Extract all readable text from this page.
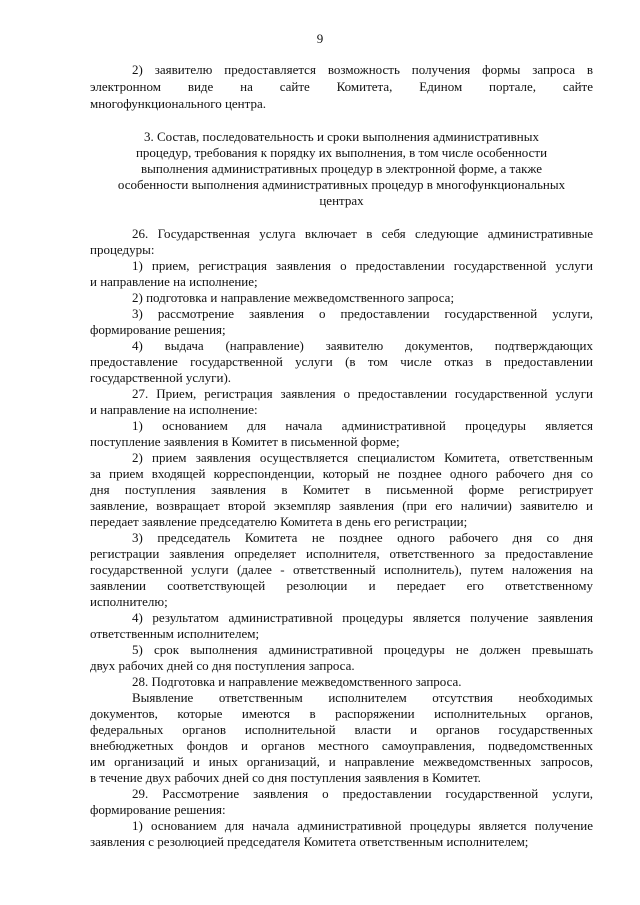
9
2) заявителю предоставляется возможность получения формы запроса в
электронном виде на сайте Комитета, Едином портале, сайте
многофункционального центра.
3. Состав, последовательность и сроки выполнения административных
процедур, требования к порядку их выполнения, в том числе особенности
выполнения административных процедур в электронной форме, а также
особенности выполнения административных процедур в многофункциональных
центрах
26. Государственная услуга включает в себя следующие административные
процедуры:
1) прием, регистрация заявления о предоставлении государственной услуги
и направление на исполнение;
2) подготовка и направление межведомственного запроса;
3) рассмотрение заявления о предоставлении государственной услуги,
формирование решения;
4) выдача (направление) заявителю документов, подтверждающих
предоставление государственной услуги (в том числе отказ в предоставлении
государственной услуги).
27. Прием, регистрация заявления о предоставлении государственной услуги
и направление на исполнение:
1) основанием для начала административной процедуры является
поступление заявления в Комитет в письменной форме;
2) прием заявления осуществляется специалистом Комитета, ответственным
за прием входящей корреспонденции, который не позднее одного рабочего дня со
дня поступления заявления в Комитет в письменной форме регистрирует
заявление, возвращает второй экземпляр заявления (при его наличии) заявителю и
передает заявление председателю Комитета в день его регистрации;
3) председатель Комитета не позднее одного рабочего дня со дня
регистрации заявления определяет исполнителя, ответственного за предоставление
государственной услуги (далее - ответственный исполнитель), путем наложения на
заявлении соответствующей резолюции и передает его ответственному
исполнителю;
4) результатом административной процедуры является получение заявления
ответственным исполнителем;
5) срок выполнения административной процедуры не должен превышать
двух рабочих дней со дня поступления запроса.
28. Подготовка и направление межведомственного запроса.
Выявление ответственным исполнителем отсутствия необходимых
документов, которые имеются в распоряжении исполнительных органов,
федеральных органов исполнительной власти и органов государственных
внебюджетных фондов и органов местного самоуправления, подведомственных
им организаций и иных организаций, и направление межведомственных запросов,
в течение двух рабочих дней со дня поступления заявления в Комитет.
29. Рассмотрение заявления о предоставлении государственной услуги,
формирование решения:
1) основанием для начала административной процедуры является получение
заявления с резолюцией председателя Комитета ответственным исполнителем;
